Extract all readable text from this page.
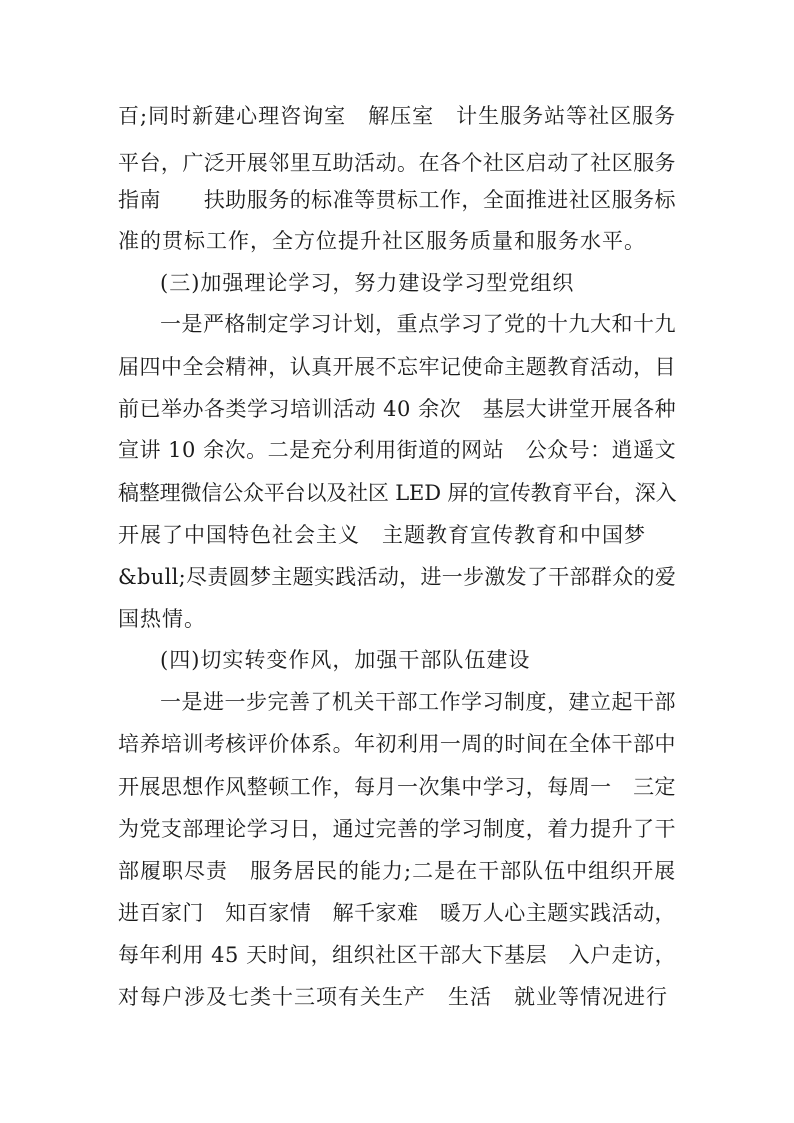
百;同时新建心理咨询室　解压室　计生服务站等社区服务
平台，广泛开展邻里互助活动。在各个社区启动了社区服务
指南　　扶助服务的标准等贯标工作，全面推进社区服务标
准的贯标工作，全方位提升社区服务质量和服务水平。
(三)加强理论学习，努力建设学习型党组织
一是严格制定学习计划，重点学习了党的十九大和十九
届四中全会精神，认真开展不忘牢记使命主题教育活动，目
前已举办各类学习培训活动 40 余次　基层大讲堂开展各种
宣讲 10 余次。二是充分利用街道的网站　公众号：逍遥文
稿整理微信公众平台以及社区 LED 屏的宣传教育平台，深入
开展了中国特色社会主义　主题教育宣传教育和中国梦
&bull;尽责圆梦主题实践活动，进一步激发了干部群众的爱
国热情。
(四)切实转变作风，加强干部队伍建设
一是进一步完善了机关干部工作学习制度，建立起干部
培养培训考核评价体系。年初利用一周的时间在全体干部中
开展思想作风整顿工作，每月一次集中学习，每周一　三定
为党支部理论学习日，通过完善的学习制度，着力提升了干
部履职尽责　服务居民的能力;二是在干部队伍中组织开展
进百家门　知百家情　解千家难　暖万人心主题实践活动，
每年利用 45 天时间，组织社区干部大下基层　入户走访，
对每户涉及七类十三项有关生产　生活　就业等情况进行
